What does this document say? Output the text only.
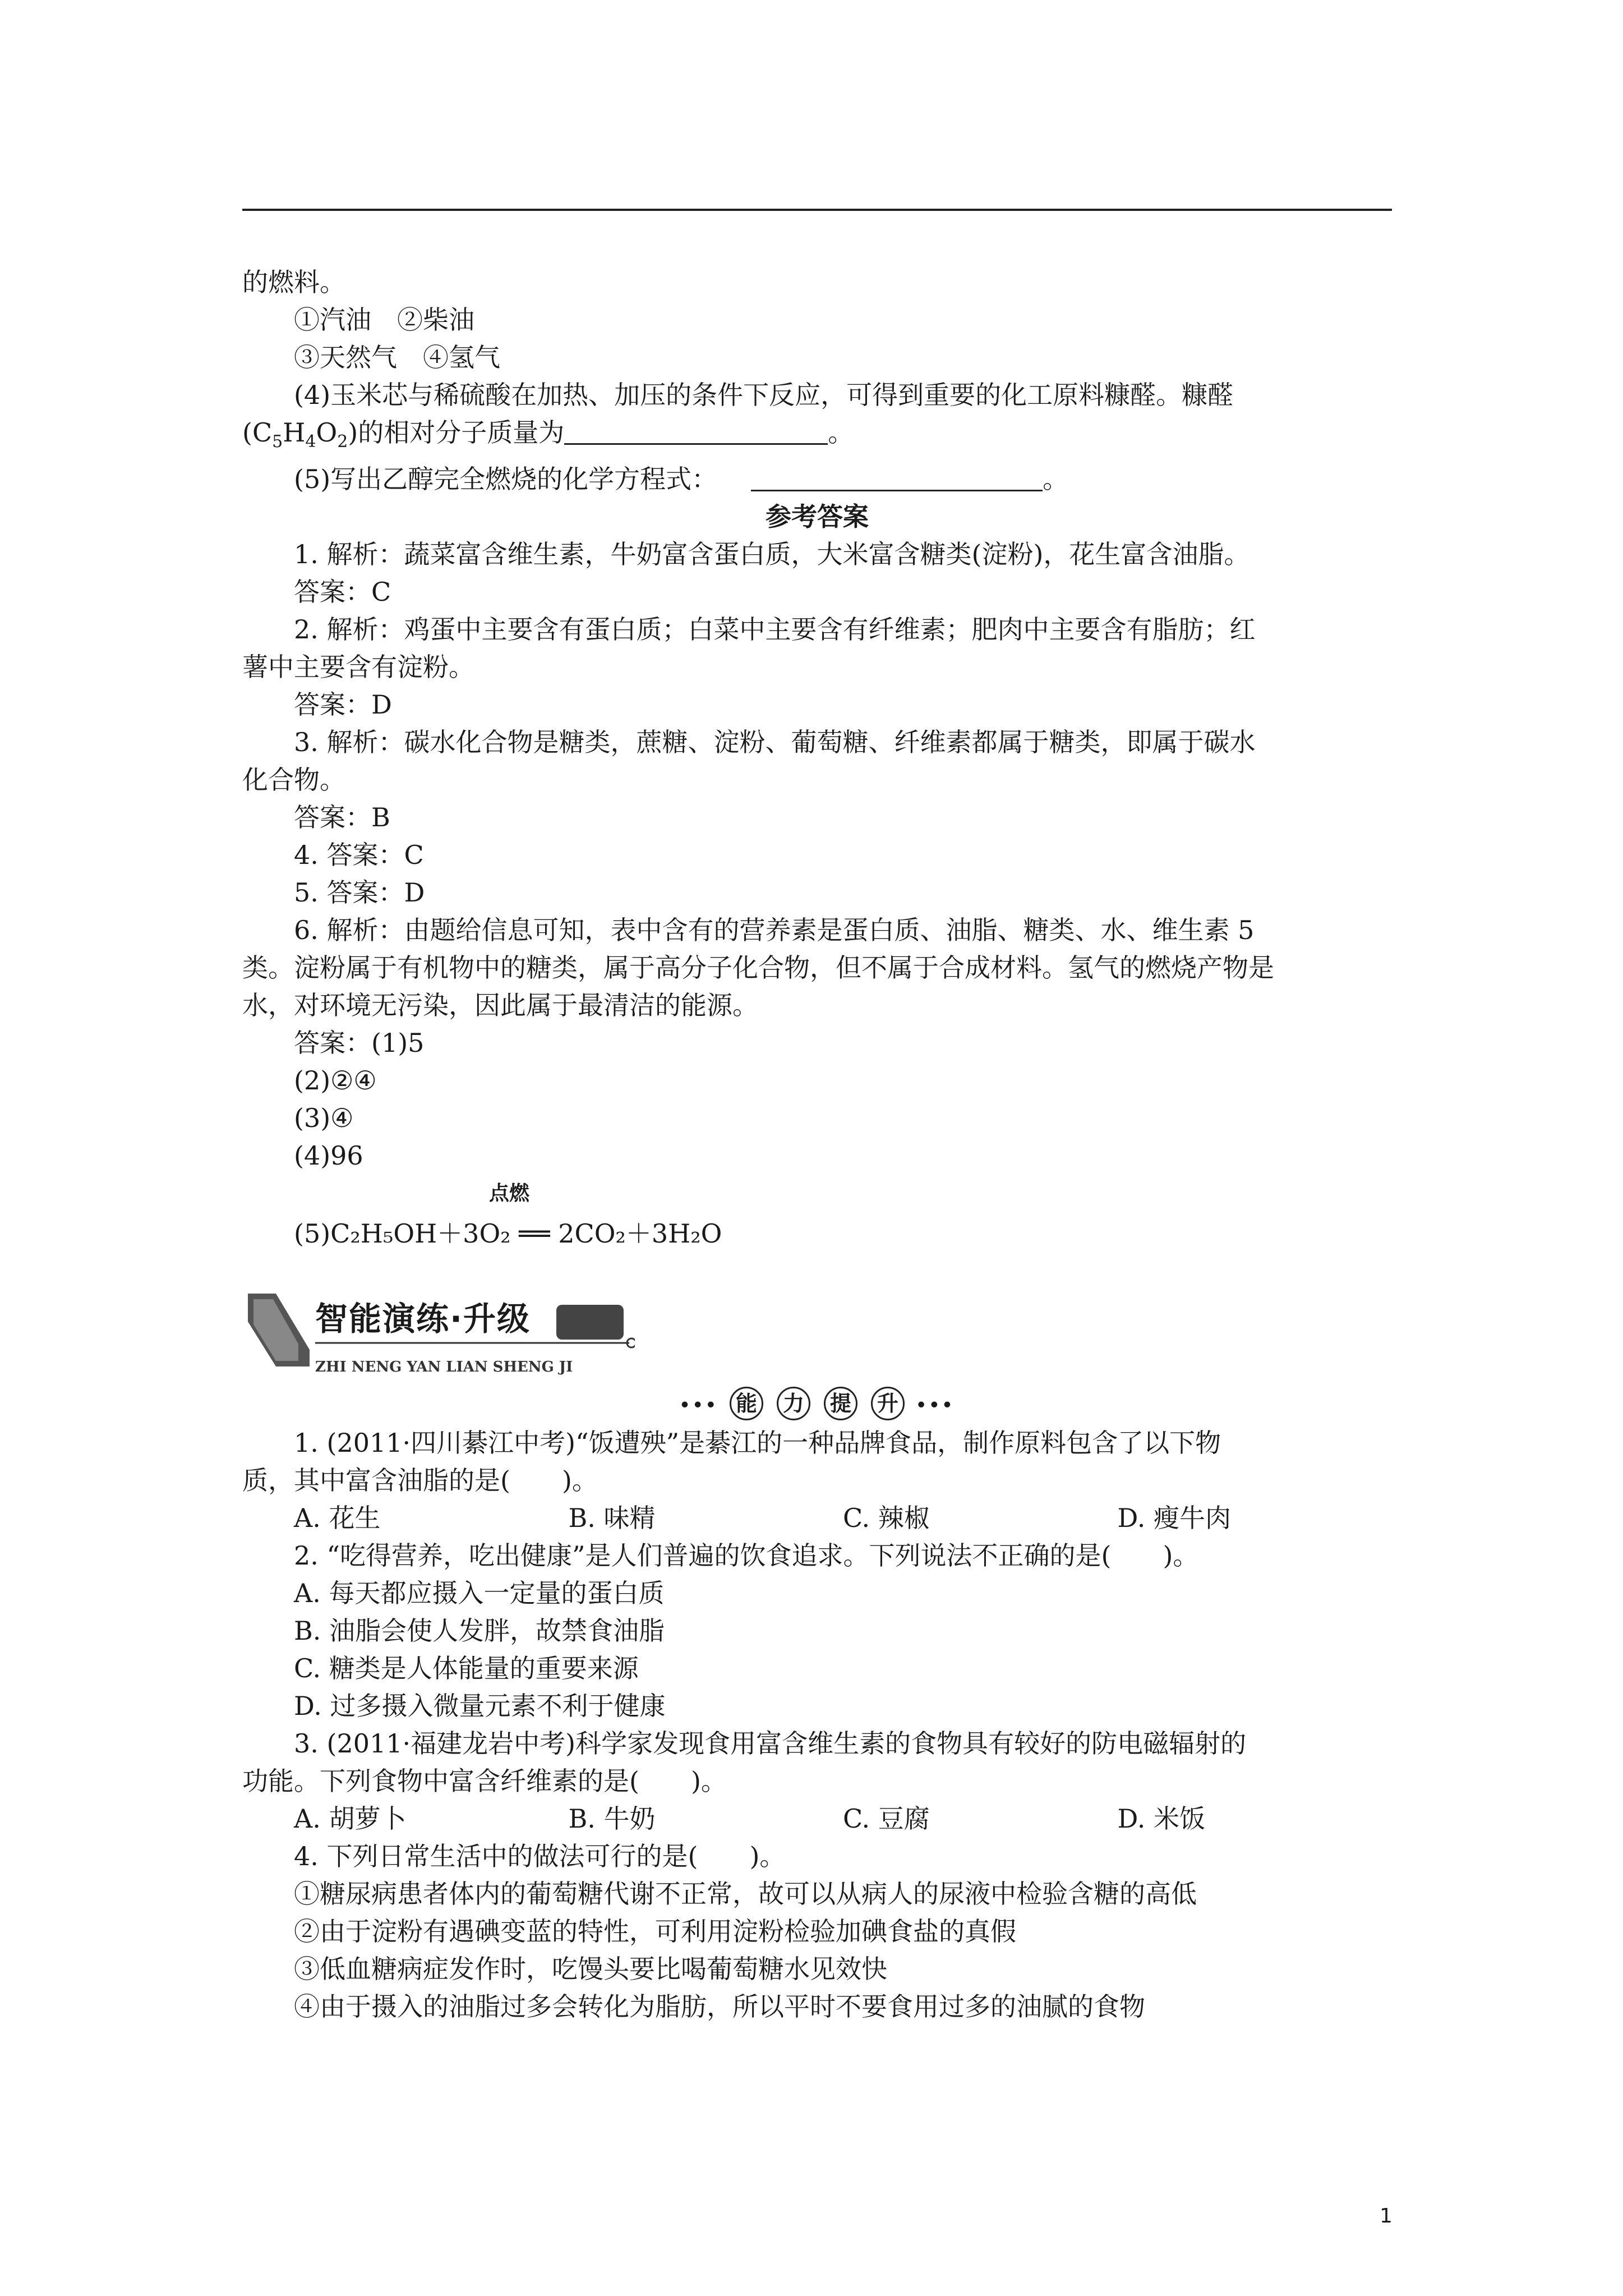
的燃料。
①汽油　②柴油
③天然气　④氢气
(4)玉米芯与稀硫酸在加热、加压的条件下反应，可得到重要的化工原料糠醛。糠醛
$(C_5H_4O_2)$的相对分子质量为	。
(5)写出乙醇完全燃烧的化学方程式：	。
参考答案
1. 解析：蔬菜富含维生素，牛奶富含蛋白质，大米富含糖类(淀粉)，花生富含油脂。
答案：C
2. 解析：鸡蛋中主要含有蛋白质；白菜中主要含有纤维素；肥肉中主要含有脂肪；红
薯中主要含有淀粉。
答案：D
3. 解析：碳水化合物是糖类，蔗糖、淀粉、葡萄糖、纤维素都属于糖类，即属于碳水
化合物。
答案：B
4. 答案：C
5. 答案：D
6. 解析：由题给信息可知，表中含有的营养素是蛋白质、油脂、糖类、水、维生素 5
类。淀粉属于有机物中的糖类，属于高分子化合物，但不属于合成材料。氢气的燃烧产物是
水，对环境无污染，因此属于最清洁的能源。
答案：(1)5
(2)②④
(3)④
(4)96
点燃
(5)C₂H₅OH＋3O₂ ══ 2CO₂＋3H₂O
智能演练·升级
ZHI NENG YAN LIAN SHENG JI
••• 能 力 提 升 •••
1. (2011·四川綦江中考)“饭遭殃”是綦江的一种品牌食品，制作原料包含了以下物
质，其中富含油脂的是(　　)。
A. 花生	B. 味精	C. 辣椒	D. 瘦牛肉
2. “吃得营养，吃出健康”是人们普遍的饮食追求。下列说法不正确的是(　　)。
A. 每天都应摄入一定量的蛋白质
B. 油脂会使人发胖，故禁食油脂
C. 糖类是人体能量的重要来源
D. 过多摄入微量元素不利于健康
3. (2011·福建龙岩中考)科学家发现食用富含维生素的食物具有较好的防电磁辐射的
功能。下列食物中富含纤维素的是(　　)。
A. 胡萝卜	B. 牛奶	C. 豆腐	D. 米饭
4. 下列日常生活中的做法可行的是(　　)。
①糖尿病患者体内的葡萄糖代谢不正常，故可以从病人的尿液中检验含糖的高低
②由于淀粉有遇碘变蓝的特性，可利用淀粉检验加碘食盐的真假
③低血糖病症发作时，吃馒头要比喝葡萄糖水见效快
④由于摄入的油脂过多会转化为脂肪，所以平时不要食用过多的油腻的食物
1
